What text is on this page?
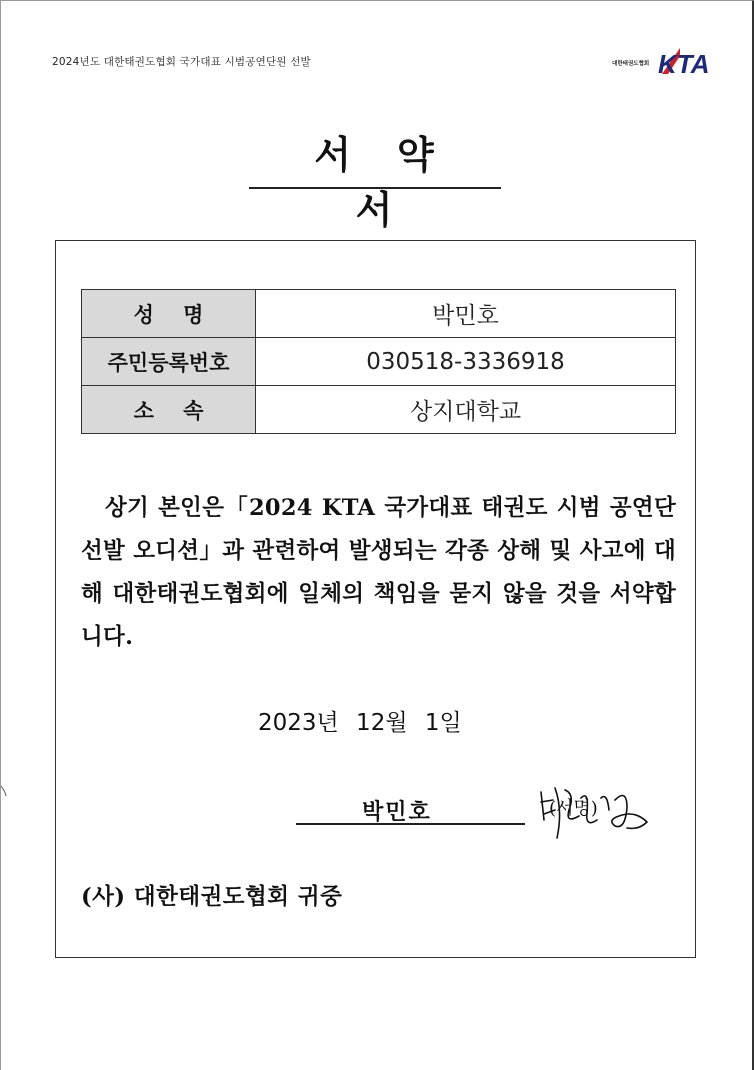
2024년도 대한태권도협회 국가대표 시범공연단원 선발	대한태권도협회 KTA
서약서
성    명	박민호
주민등록번호	030518-3336918
소    속	상지대학교

상기 본인은「2024 KTA 국가대표 태권도 시범 공연단 선발 오디션」과 관련하여 발생되는 각종 상해 및 사고에 대해 대한태권도협회에 일체의 책임을 묻지 않을 것을 서약합니다.

2023년 12월 1일
박민호	(서명)
(사) 대한태권도협회 귀중
